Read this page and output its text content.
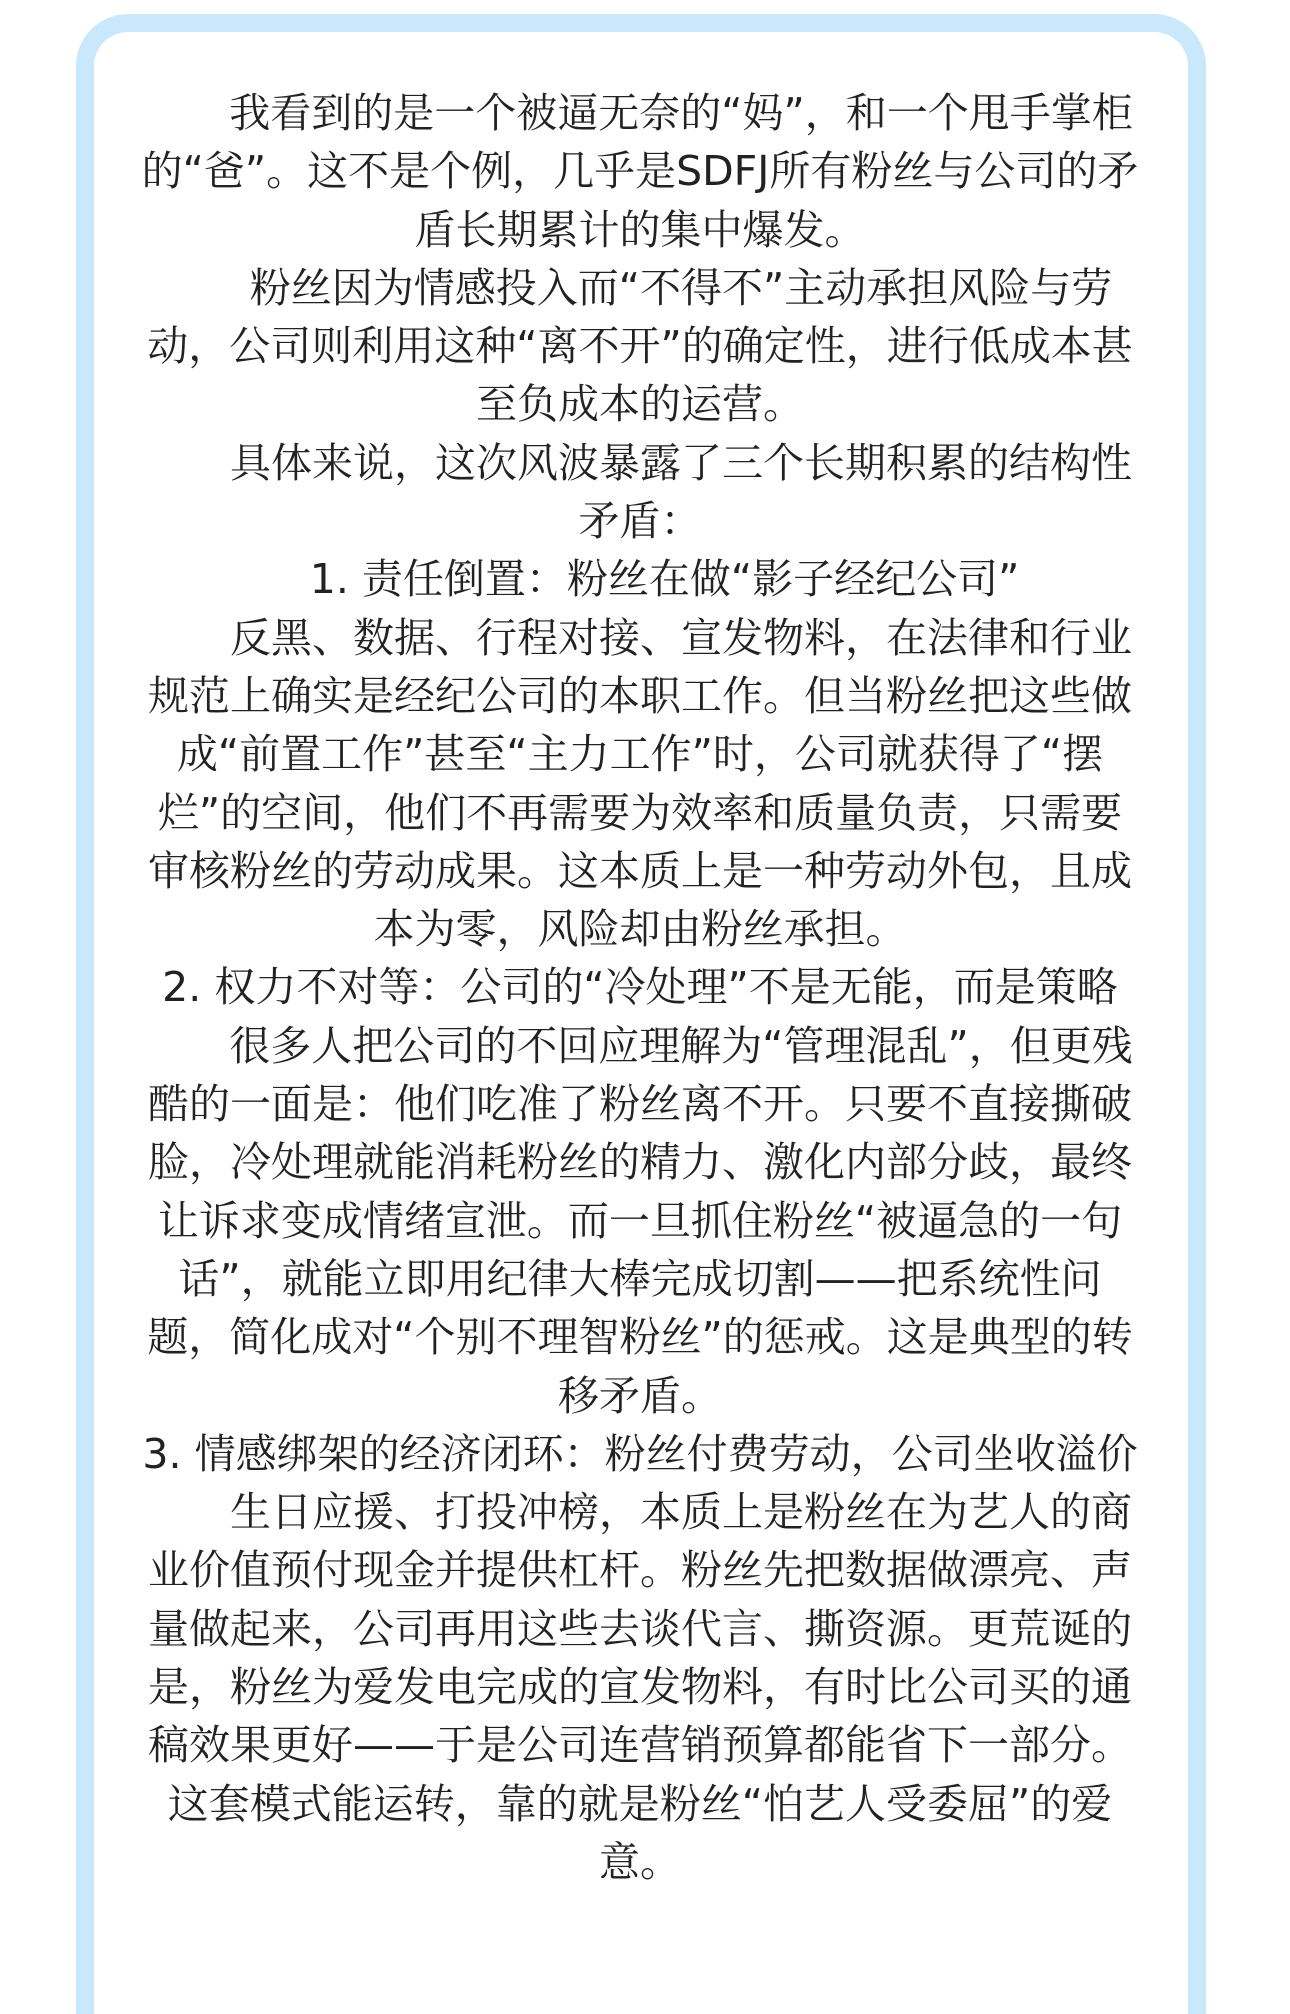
我看到的是一个被逼无奈的“妈”，和一个甩手掌柜的“爸”。这不是个例，几乎是SDFJ所有粉丝与公司的矛盾长期累计的集中爆发。

粉丝因为情感投入而“不得不”主动承担风险与劳动，公司则利用这种“离不开”的确定性，进行低成本甚至负成本的运营。

具体来说，这次风波暴露了三个长期积累的结构性矛盾：

1. 责任倒置：粉丝在做“影子经纪公司”

反黑、数据、行程对接、宣发物料，在法律和行业规范上确实是经纪公司的本职工作。但当粉丝把这些做成“前置工作”甚至“主力工作”时，公司就获得了“摆烂”的空间，他们不再需要为效率和质量负责，只需要审核粉丝的劳动成果。这本质上是一种劳动外包，且成本为零，风险却由粉丝承担。

2. 权力不对等：公司的“冷处理”不是无能，而是策略

很多人把公司的不回应理解为“管理混乱”，但更残酷的一面是：他们吃准了粉丝离不开。只要不直接撕破脸，冷处理就能消耗粉丝的精力、激化内部分歧，最终让诉求变成情绪宣泄。而一旦抓住粉丝“被逼急的一句话”，就能立即用纪律大棒完成切割——把系统性问题，简化成对“个别不理智粉丝”的惩戒。这是典型的转移矛盾。

3. 情感绑架的经济闭环：粉丝付费劳动，公司坐收溢价

生日应援、打投冲榜，本质上是粉丝在为艺人的商业价值预付现金并提供杠杆。粉丝先把数据做漂亮、声量做起来，公司再用这些去谈代言、撕资源。更荒诞的是，粉丝为爱发电完成的宣发物料，有时比公司买的通稿效果更好——于是公司连营销预算都能省下一部分。这套模式能运转，靠的就是粉丝“怕艺人受委屈”的爱意。
